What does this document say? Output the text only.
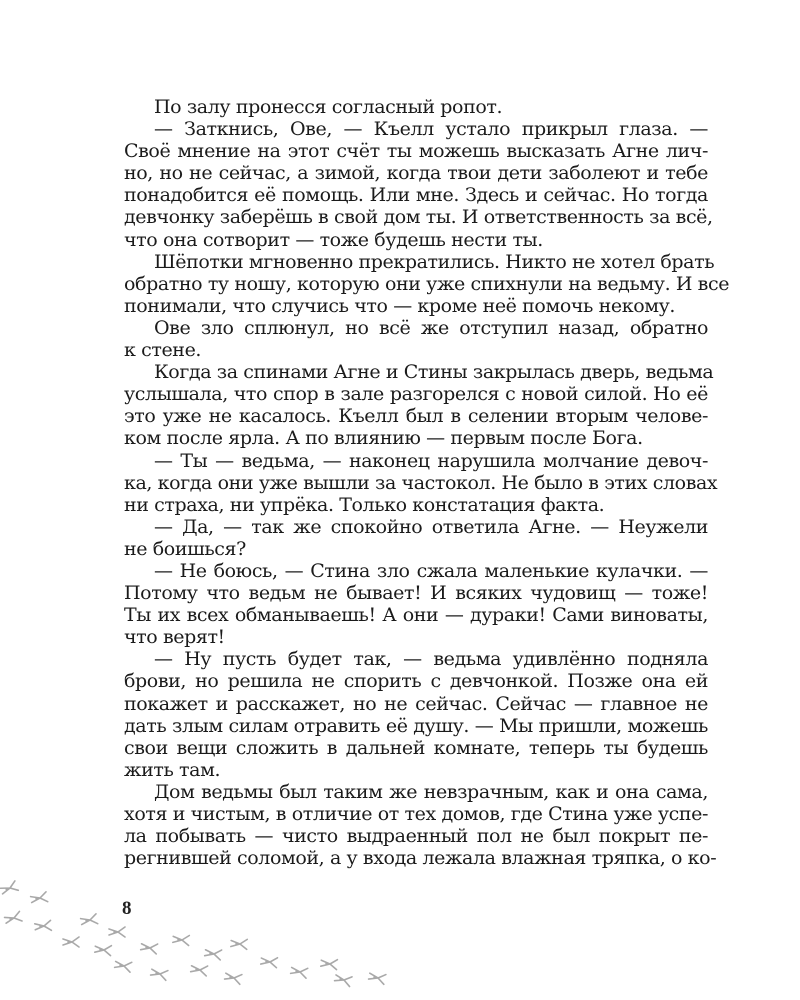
По залу пронесся согласный ропот.
— Заткнись, Ове, — Къелл устало прикрыл глаза. —
Своё мнение на этот счёт ты можешь высказать Агне лич-
но, но не сейчас, а зимой, когда твои дети заболеют и тебе
понадобится её помощь. Или мне. Здесь и сейчас. Но тогда
девчонку заберёшь в свой дом ты. И ответственность за всё,
что она сотворит — тоже будешь нести ты.
Шёпотки мгновенно прекратились. Никто не хотел брать
обратно ту ношу, которую они уже спихнули на ведьму. И все
понимали, что случись что — кроме неё помочь некому.
Ове зло сплюнул, но всё же отступил назад, обратно
к стене.
Когда за спинами Агне и Стины закрылась дверь, ведьма
услышала, что спор в зале разгорелся с новой силой. Но её
это уже не касалось. Къелл был в селении вторым челове-
ком после ярла. А по влиянию — первым после Бога.
— Ты — ведьма, — наконец нарушила молчание девоч-
ка, когда они уже вышли за частокол. Не было в этих словах
ни страха, ни упрёка. Только констатация факта.
— Да, — так же спокойно ответила Агне. — Неужели
не боишься?
— Не боюсь, — Стина зло сжала маленькие кулачки. —
Потому что ведьм не бывает! И всяких чудовищ — тоже!
Ты их всех обманываешь! А они — дураки! Сами виноваты,
что верят!
— Ну пусть будет так, — ведьма удивлённо подняла
брови, но решила не спорить с девчонкой. Позже она ей
покажет и расскажет, но не сейчас. Сейчас — главное не
дать злым силам отравить её душу. — Мы пришли, можешь
свои вещи сложить в дальней комнате, теперь ты будешь
жить там.
Дом ведьмы был таким же невзрачным, как и она сама,
хотя и чистым, в отличие от тех домов, где Стина уже успе-
ла побывать — чисто выдраенный пол не был покрыт пе-
регнившей соломой, а у входа лежала влажная тряпка, о ко-
8
